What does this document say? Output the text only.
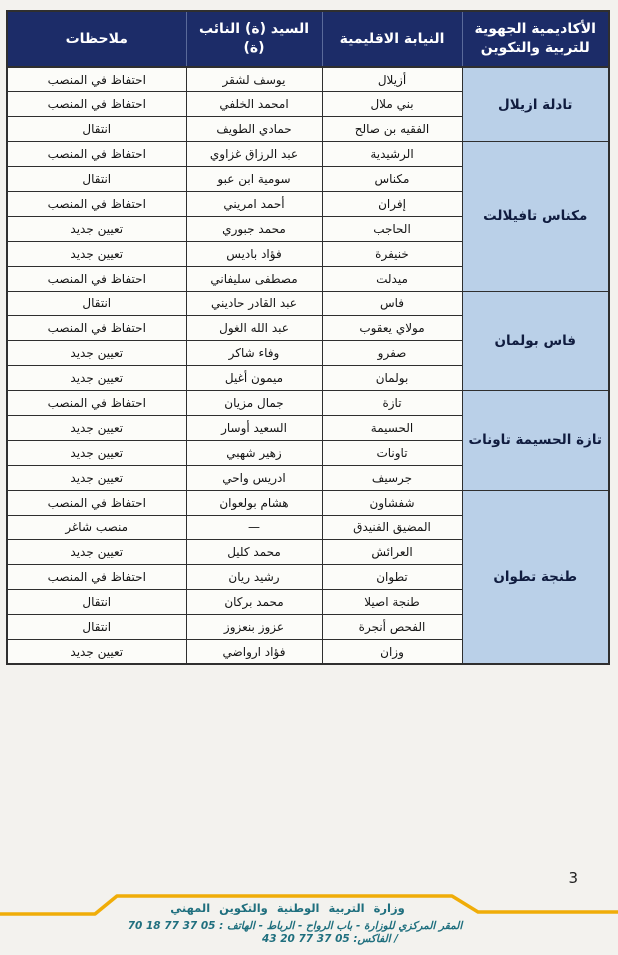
الأكاديمية الجهوية للتربية والتكوين	النيابة الاقليمية	السيد (ة) النائب (ة)	ملاحظات
تادلة ازيلال	أزيلال	يوسف لشقر	احتفاظ في المنصب
	بني ملال	امحمد الخلفي	احتفاظ في المنصب
	الفقيه بن صالح	حمادي الطويف	انتقال
مكناس تافيلالت	الرشيدية	عبد الرزاق غزاوي	احتفاظ في المنصب
	مكناس	سومية ابن عبو	انتقال
	إفران	أحمد امريني	احتفاظ في المنصب
	الحاجب	محمد جبوري	تعيين جديد
	خنيفرة	فؤاد باديس	تعيين جديد
	ميدلت	مصطفى سليفاني	احتفاظ في المنصب
فاس بولمان	فاس	عبد القادر حاديني	انتقال
	مولاي يعقوب	عبد الله الغول	احتفاظ في المنصب
	صفرو	وفاء شاكر	تعيين جديد
	بولمان	ميمون أغيل	تعيين جديد
تازة الحسيمة تاونات	تازة	جمال مزيان	احتفاظ في المنصب
	الحسيمة	السعيد أوسار	تعيين جديد
	تاونات	زهير شهبي	تعيين جديد
	جرسيف	ادريس واحي	تعيين جديد
طنجة تطوان	شفشاون	هشام بولعوان	احتفاظ في المنصب
	المضيق الفنيدق	—	منصب شاغر
	العرائش	محمد كليل	تعيين جديد
	تطوان	رشيد ريان	احتفاظ في المنصب
	طنجة اصيلا	محمد بركان	انتقال
	الفحص أنجرة	عزوز بنعزوز	انتقال
	وزان	فؤاد ارواضي	تعيين جديد
3
وزارة التربية الوطنية والتكوين المهني
المقر المركزي للوزارة - باب الرواح - الرباط - الهاتف : 05 37 77 18 70
/ الفاكس: 05 37 77 20 43
